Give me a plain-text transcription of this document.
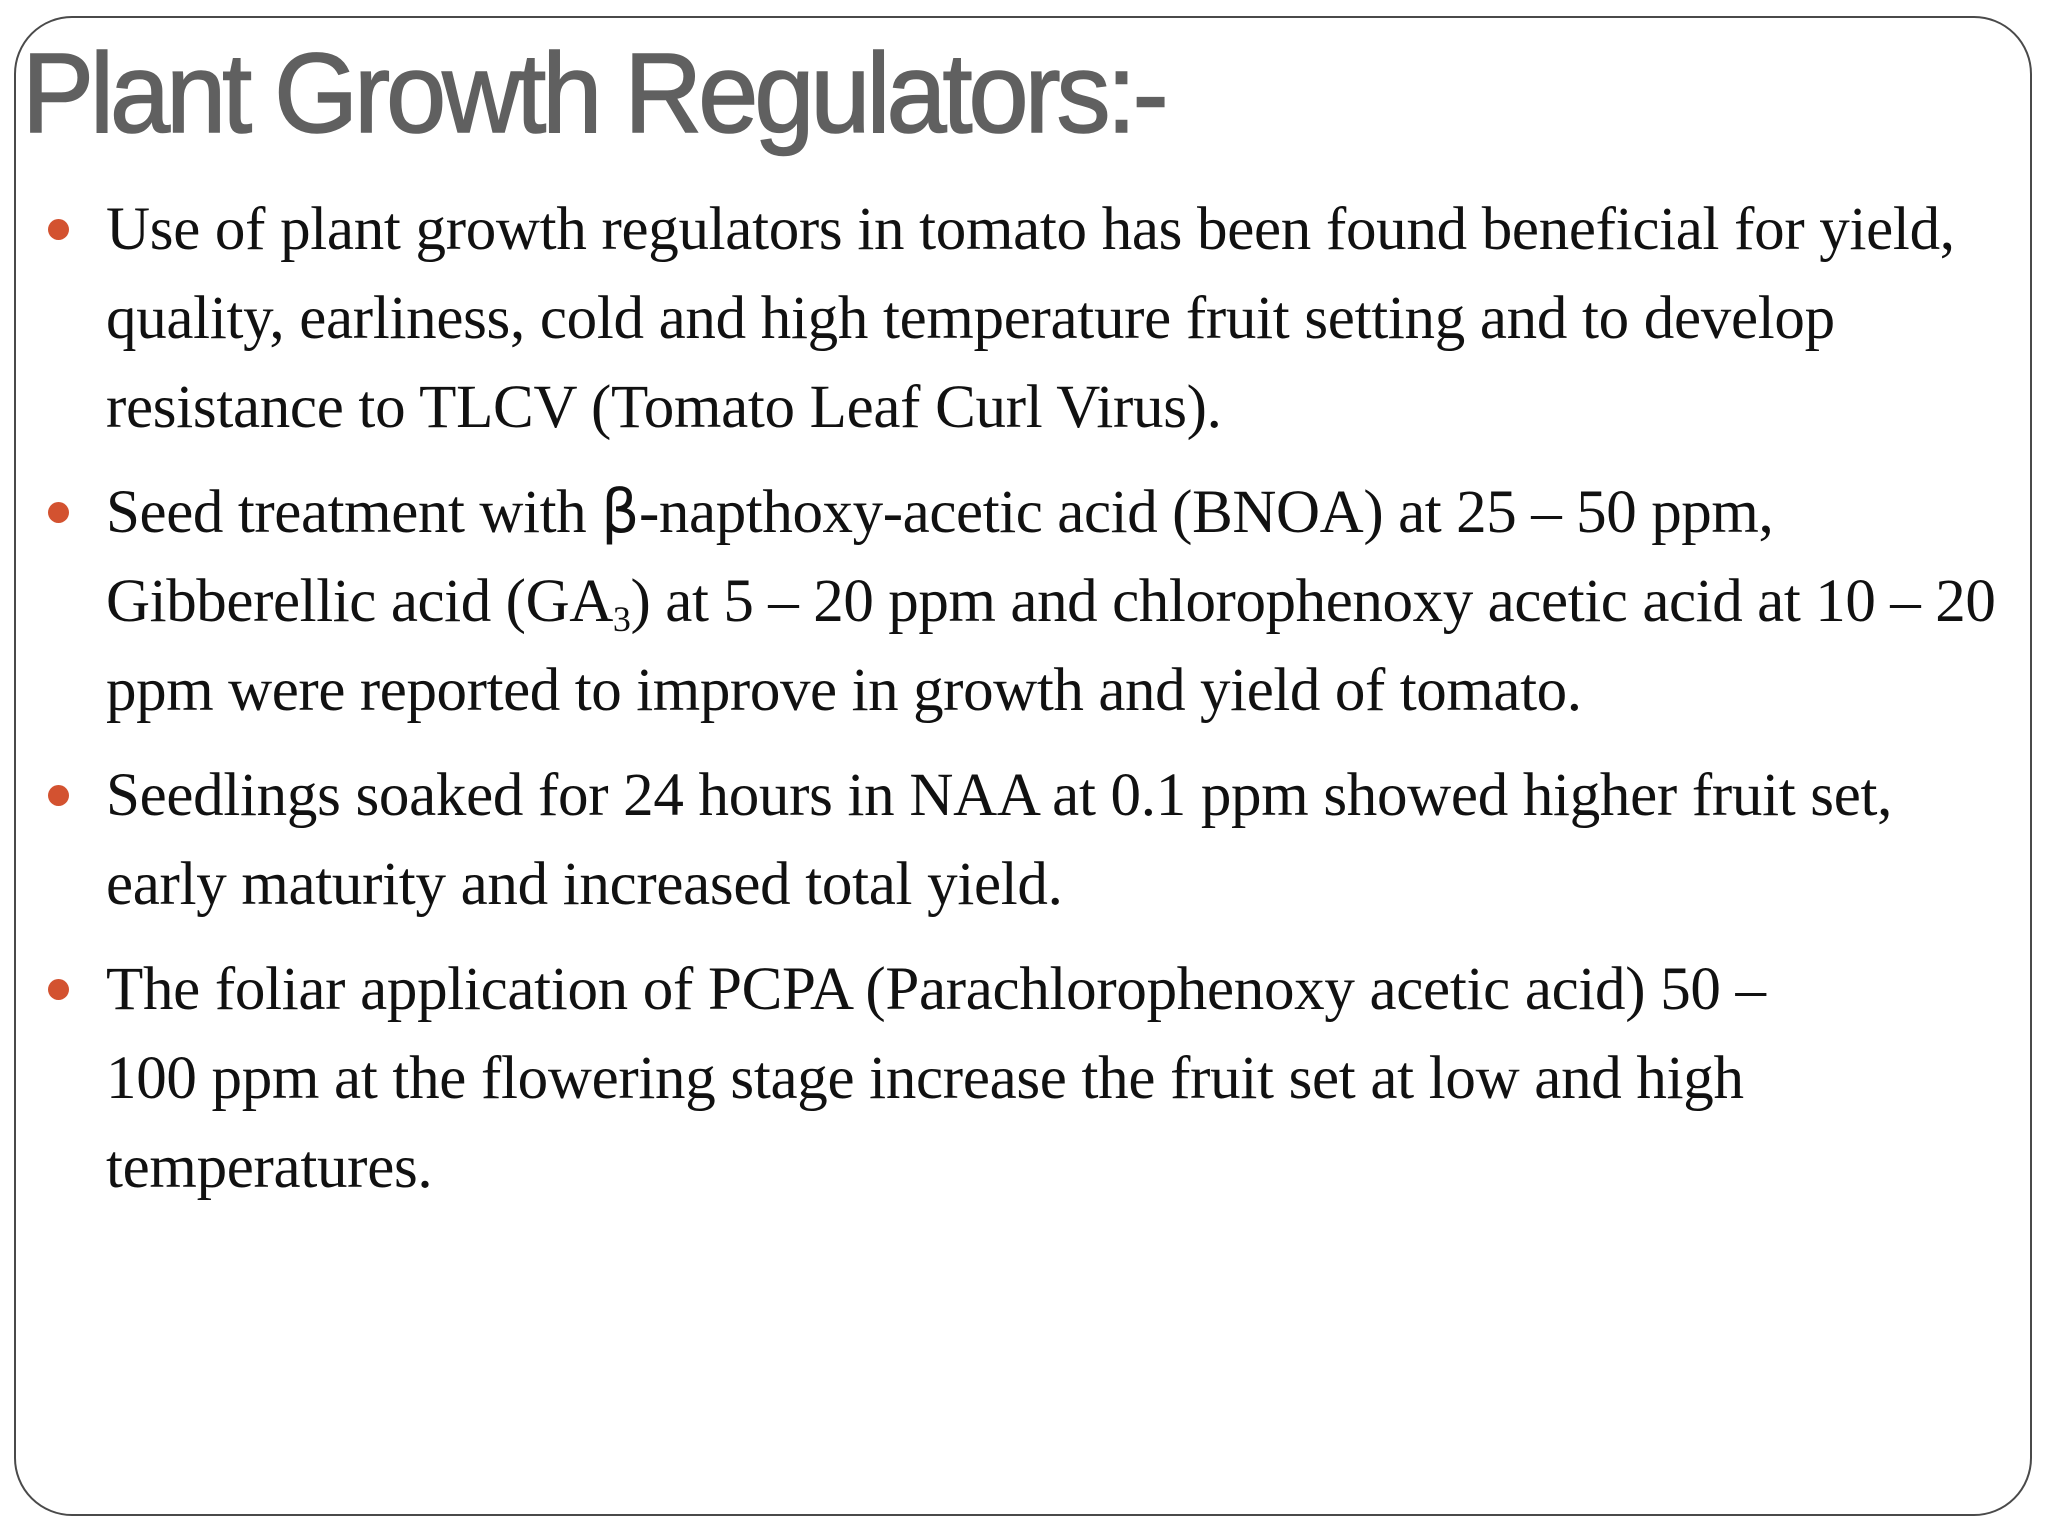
Plant Growth Regulators:-
Use of plant growth regulators in tomato has been found beneficial for yield, quality, earliness, cold and high temperature fruit setting and to develop resistance to TLCV (Tomato Leaf Curl Virus).
Seed treatment with β-napthoxy-acetic acid (BNOA) at 25 – 50 ppm, Gibberellic acid $(GA_3)$ at 5 – 20 ppm and chlorophenoxy acetic acid at 10 – 20 ppm were reported to improve in growth and yield of tomato.
Seedlings soaked for 24 hours in NAA at 0.1 ppm showed higher fruit set, early maturity and increased total yield.
The foliar application of PCPA (Parachlorophenoxy acetic acid) 50 –
100 ppm at the flowering stage increase the fruit set at low and high temperatures.
